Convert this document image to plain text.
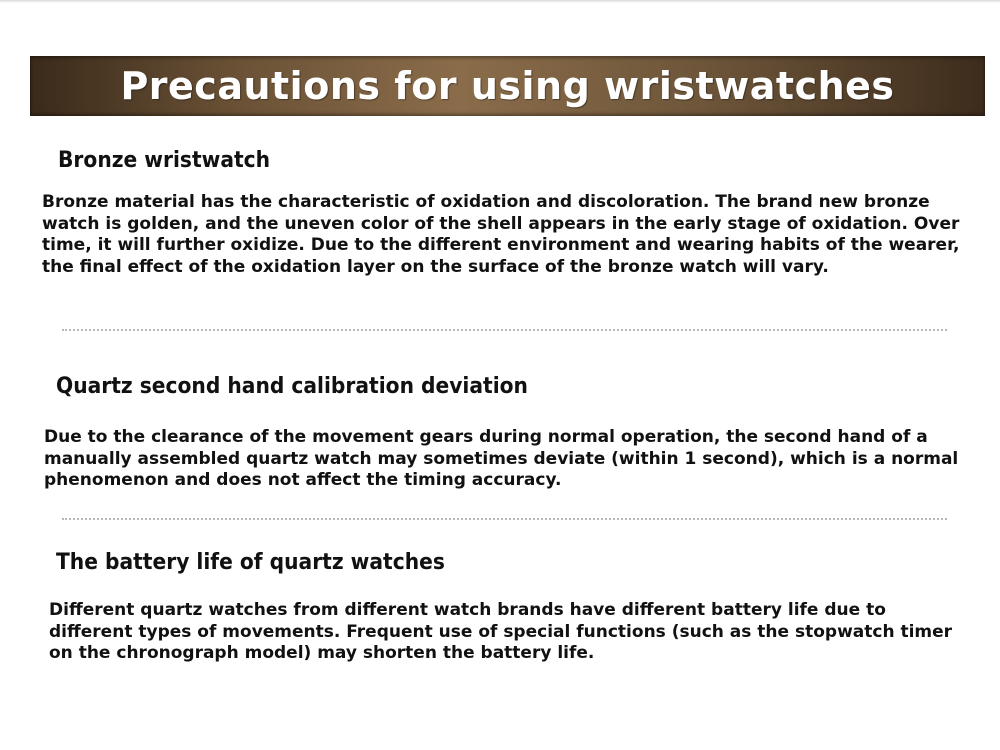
Precautions for using wristwatches
Bronze wristwatch

Bronze material has the characteristic of oxidation and discoloration. The brand new bronze watch is golden, and the uneven color of the shell appears in the early stage of oxidation. Over time, it will further oxidize. Due to the different environment and wearing habits of the wearer, the final effect of the oxidation layer on the surface of the bronze watch will vary.

Quartz second hand calibration deviation

Due to the clearance of the movement gears during normal operation, the second hand of a manually assembled quartz watch may sometimes deviate (within 1 second), which is a normal phenomenon and does not affect the timing accuracy.

The battery life of quartz watches

Different quartz watches from different watch brands have different battery life due to different types of movements. Frequent use of special functions (such as the stopwatch timer on the chronograph model) may shorten the battery life.
